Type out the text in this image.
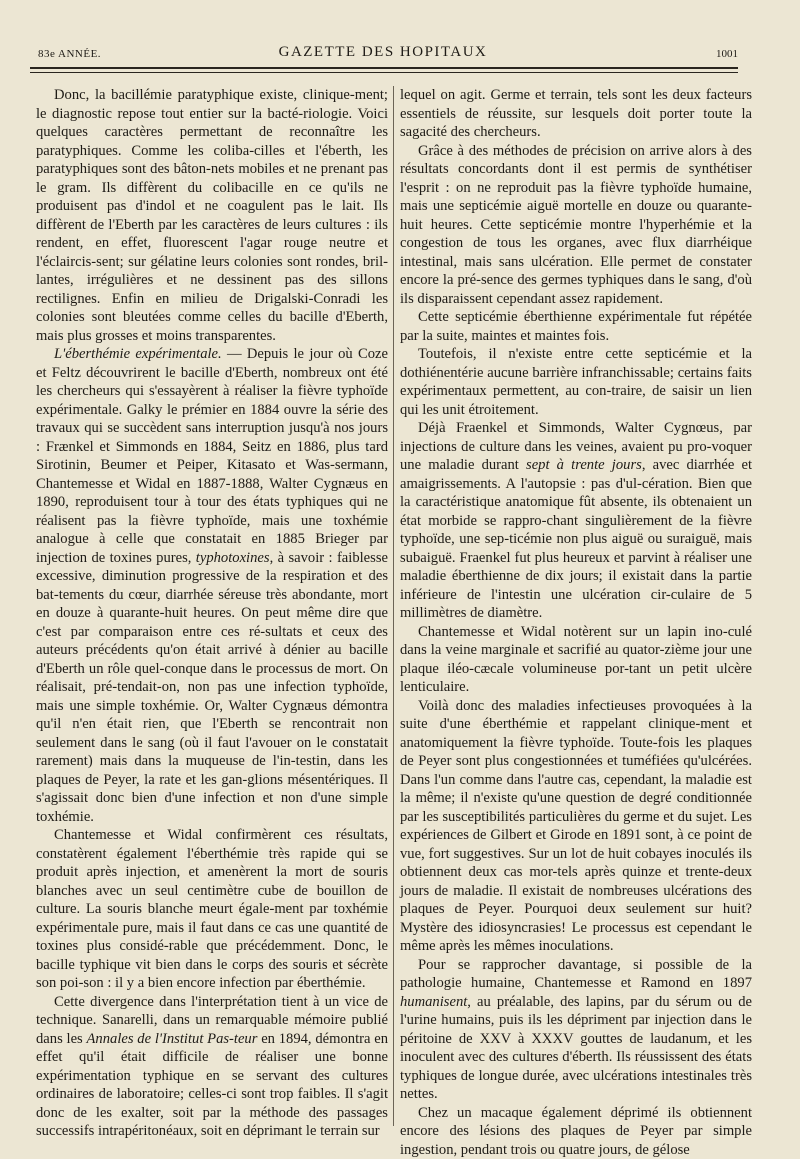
83e ANNÉE.	GAZETTE DES HOPITAUX	1001

Donc, la bacillémie paratyphique existe, clinique-ment; le diagnostic repose tout entier sur la bacté-riologie. Voici quelques caractères permettant de reconnaître les paratyphiques. Comme les coliba-cilles et l'éberth, les paratyphiques sont des bâton-nets mobiles et ne prenant pas le gram. Ils diffèrent du colibacille en ce qu'ils ne produisent pas d'indol et ne coagulent pas le lait. Ils diffèrent de l'Eberth par les caractères de leurs cultures : ils rendent, en effet, fluorescent l'agar rouge neutre et l'éclaircis-sent; sur gélatine leurs colonies sont rondes, bril-lantes, irrégulières et ne dessinent pas des sillons rectilignes. Enfin en milieu de Drigalski-Conradi les colonies sont bleutées comme celles du bacille d'Eberth, mais plus grosses et moins transparentes.

L'éberthémie expérimentale. — Depuis le jour où Coze et Feltz découvrirent le bacille d'Eberth, nombreux ont été les chercheurs qui s'essayèrent à réaliser la fièvre typhoïde expérimentale. Galky le prémier en 1884 ouvre la série des travaux qui se succèdent sans interruption jusqu'à nos jours : Frænkel et Simmonds en 1884, Seitz en 1886, plus tard Sirotinin, Beumer et Peiper, Kitasato et Was-sermann, Chantemesse et Widal en 1887-1888, Walter Cygnæus en 1890, reproduisent tour à tour des états typhiques qui ne réalisent pas la fièvre typhoïde, mais une toxhémie analogue à celle que constatait en 1885 Brieger par injection de toxines pures, typhotoxines, à savoir : faiblesse excessive, diminution progressive de la respiration et des bat-tements du cœur, diarrhée séreuse très abondante, mort en douze à quarante-huit heures. On peut même dire que c'est par comparaison entre ces ré-sultats et ceux des auteurs précédents qu'on était arrivé à dénier au bacille d'Eberth un rôle quel-conque dans le processus de mort. On réalisait, pré-tendait-on, non pas une infection typhoïde, mais une simple toxhémie. Or, Walter Cygnæus démontra qu'il n'en était rien, que l'Eberth se rencontrait non seulement dans le sang (où il faut l'avouer on le constatait rarement) mais dans la muqueuse de l'in-testin, dans les plaques de Peyer, la rate et les gan-glions mésentériques. Il s'agissait donc bien d'une infection et non d'une simple toxhémie.

Chantemesse et Widal confirmèrent ces résultats, constatèrent également l'éberthémie très rapide qui se produit après injection, et amenèrent la mort de souris blanches avec un seul centimètre cube de bouillon de culture. La souris blanche meurt égale-ment par toxhémie expérimentale pure, mais il faut dans ce cas une quantité de toxines plus considé-rable que précédemment. Donc, le bacille typhique vit bien dans le corps des souris et sécrète son poi-son : il y a bien encore infection par éberthémie.

Cette divergence dans l'interprétation tient à un vice de technique. Sanarelli, dans un remarquable mémoire publié dans les Annales de l'Institut Pas-teur en 1894, démontra en effet qu'il était difficile de réaliser une bonne expérimentation typhique en se servant des cultures ordinaires de laboratoire; celles-ci sont trop faibles. Il s'agit donc de les exalter, soit par la méthode des passages successifs intrapéritonéaux, soit en déprimant le terrain sur

lequel on agit. Germe et terrain, tels sont les deux facteurs essentiels de réussite, sur lesquels doit porter toute la sagacité des chercheurs.

Grâce à des méthodes de précision on arrive alors à des résultats concordants dont il est permis de synthétiser l'esprit : on ne reproduit pas la fièvre typhoïde humaine, mais une septicémie aiguë mortelle en douze ou quarante-huit heures. Cette septicémie montre l'hyperhémie et la congestion de tous les organes, avec flux diarrhéique intestinal, mais sans ulcération. Elle permet de constater encore la pré-sence des germes typhiques dans le sang, d'où ils disparaissent cependant assez rapidement.

Cette septicémie éberthienne expérimentale fut répétée par la suite, maintes et maintes fois.

Toutefois, il n'existe entre cette septicémie et la dothiénentérie aucune barrière infranchissable; certains faits expérimentaux permettent, au con-traire, de saisir un lien qui les unit étroitement.

Déjà Fraenkel et Simmonds, Walter Cygnœus, par injections de culture dans les veines, avaient pu pro-voquer une maladie durant sept à trente jours, avec diarrhée et amaigrissements. A l'autopsie : pas d'ul-cération. Bien que la caractéristique anatomique fût absente, ils obtenaient un état morbide se rappro-chant singulièrement de la fièvre typhoïde, une sep-ticémie non plus aiguë ou suraiguë, mais subaiguë. Fraenkel fut plus heureux et parvint à réaliser une maladie éberthienne de dix jours; il existait dans la partie inférieure de l'intestin une ulcération cir-culaire de 5 millimètres de diamètre.

Chantemesse et Widal notèrent sur un lapin ino-culé dans la veine marginale et sacrifié au quator-zième jour une plaque iléo-cæcale volumineuse por-tant un petit ulcère lenticulaire.

Voilà donc des maladies infectieuses provoquées à la suite d'une éberthémie et rappelant clinique-ment et anatomiquement la fièvre typhoïde. Toute-fois les plaques de Peyer sont plus congestionnées et tuméfiées qu'ulcérées. Dans l'un comme dans l'autre cas, cependant, la maladie est la même; il n'existe qu'une question de degré conditionnée par les susceptibilités particulières du germe et du sujet. Les expériences de Gilbert et Girode en 1891 sont, à ce point de vue, fort suggestives. Sur un lot de huit cobayes inoculés ils obtiennent deux cas mor-tels après quinze et trente-deux jours de maladie. Il existait de nombreuses ulcérations des plaques de Peyer. Pourquoi deux seulement sur huit? Mystère des idiosyncrasies! Le processus est cependant le même après les mêmes inoculations.

Pour se rapprocher davantage, si possible de la pathologie humaine, Chantemesse et Ramond en 1897 humanisent, au préalable, des lapins, par du sérum ou de l'urine humains, puis ils les dépriment par injection dans le péritoine de XXV à XXXV gouttes de laudanum, et les inoculent avec des cultures d'éberth. Ils réussissent des états typhiques de longue durée, avec ulcérations intestinales très nettes.

Chez un macaque également déprimé ils obtiennent encore des lésions des plaques de Peyer par simple ingestion, pendant trois ou quatre jours, de gélose
